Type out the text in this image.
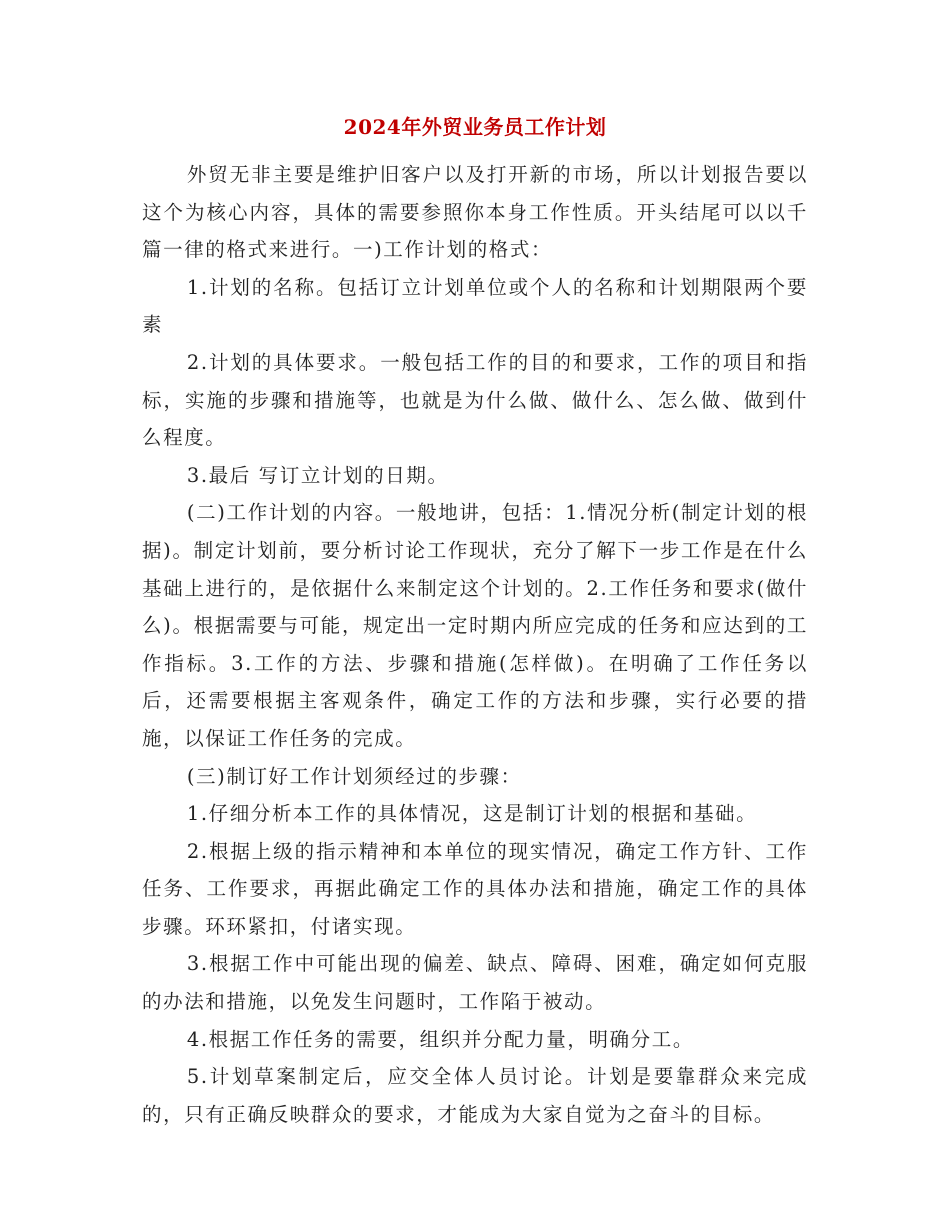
2024年外贸业务员工作计划

外贸无非主要是维护旧客户以及打开新的市场，所以计划报告要以这个为核心内容，具体的需要参照你本身工作性质。开头结尾可以以千篇一律的格式来进行。一)工作计划的格式：

1.计划的名称。包括订立计划单位或个人的名称和计划期限两个要素

2.计划的具体要求。一般包括工作的目的和要求，工作的项目和指标，实施的步骤和措施等，也就是为什么做、做什么、怎么做、做到什么程度。

3.最后 写订立计划的日期。

(二)工作计划的内容。一般地讲，包括：1.情况分析(制定计划的根据)。制定计划前，要分析讨论工作现状，充分了解下一步工作是在什么基础上进行的，是依据什么来制定这个计划的。2.工作任务和要求(做什么)。根据需要与可能，规定出一定时期内所应完成的任务和应达到的工作指标。3.工作的方法、步骤和措施(怎样做)。在明确了工作任务以后，还需要根据主客观条件，确定工作的方法和步骤，实行必要的措施，以保证工作任务的完成。

(三)制订好工作计划须经过的步骤：

1.仔细分析本工作的具体情况，这是制订计划的根据和基础。

2.根据上级的指示精神和本单位的现实情况，确定工作方针、工作任务、工作要求，再据此确定工作的具体办法和措施，确定工作的具体步骤。环环紧扣，付诸实现。

3.根据工作中可能出现的偏差、缺点、障碍、困难，确定如何克服的办法和措施，以免发生问题时，工作陷于被动。

4.根据工作任务的需要，组织并分配力量，明确分工。

5.计划草案制定后，应交全体人员讨论。计划是要靠群众来完成的，只有正确反映群众的要求，才能成为大家自觉为之奋斗的目标。
